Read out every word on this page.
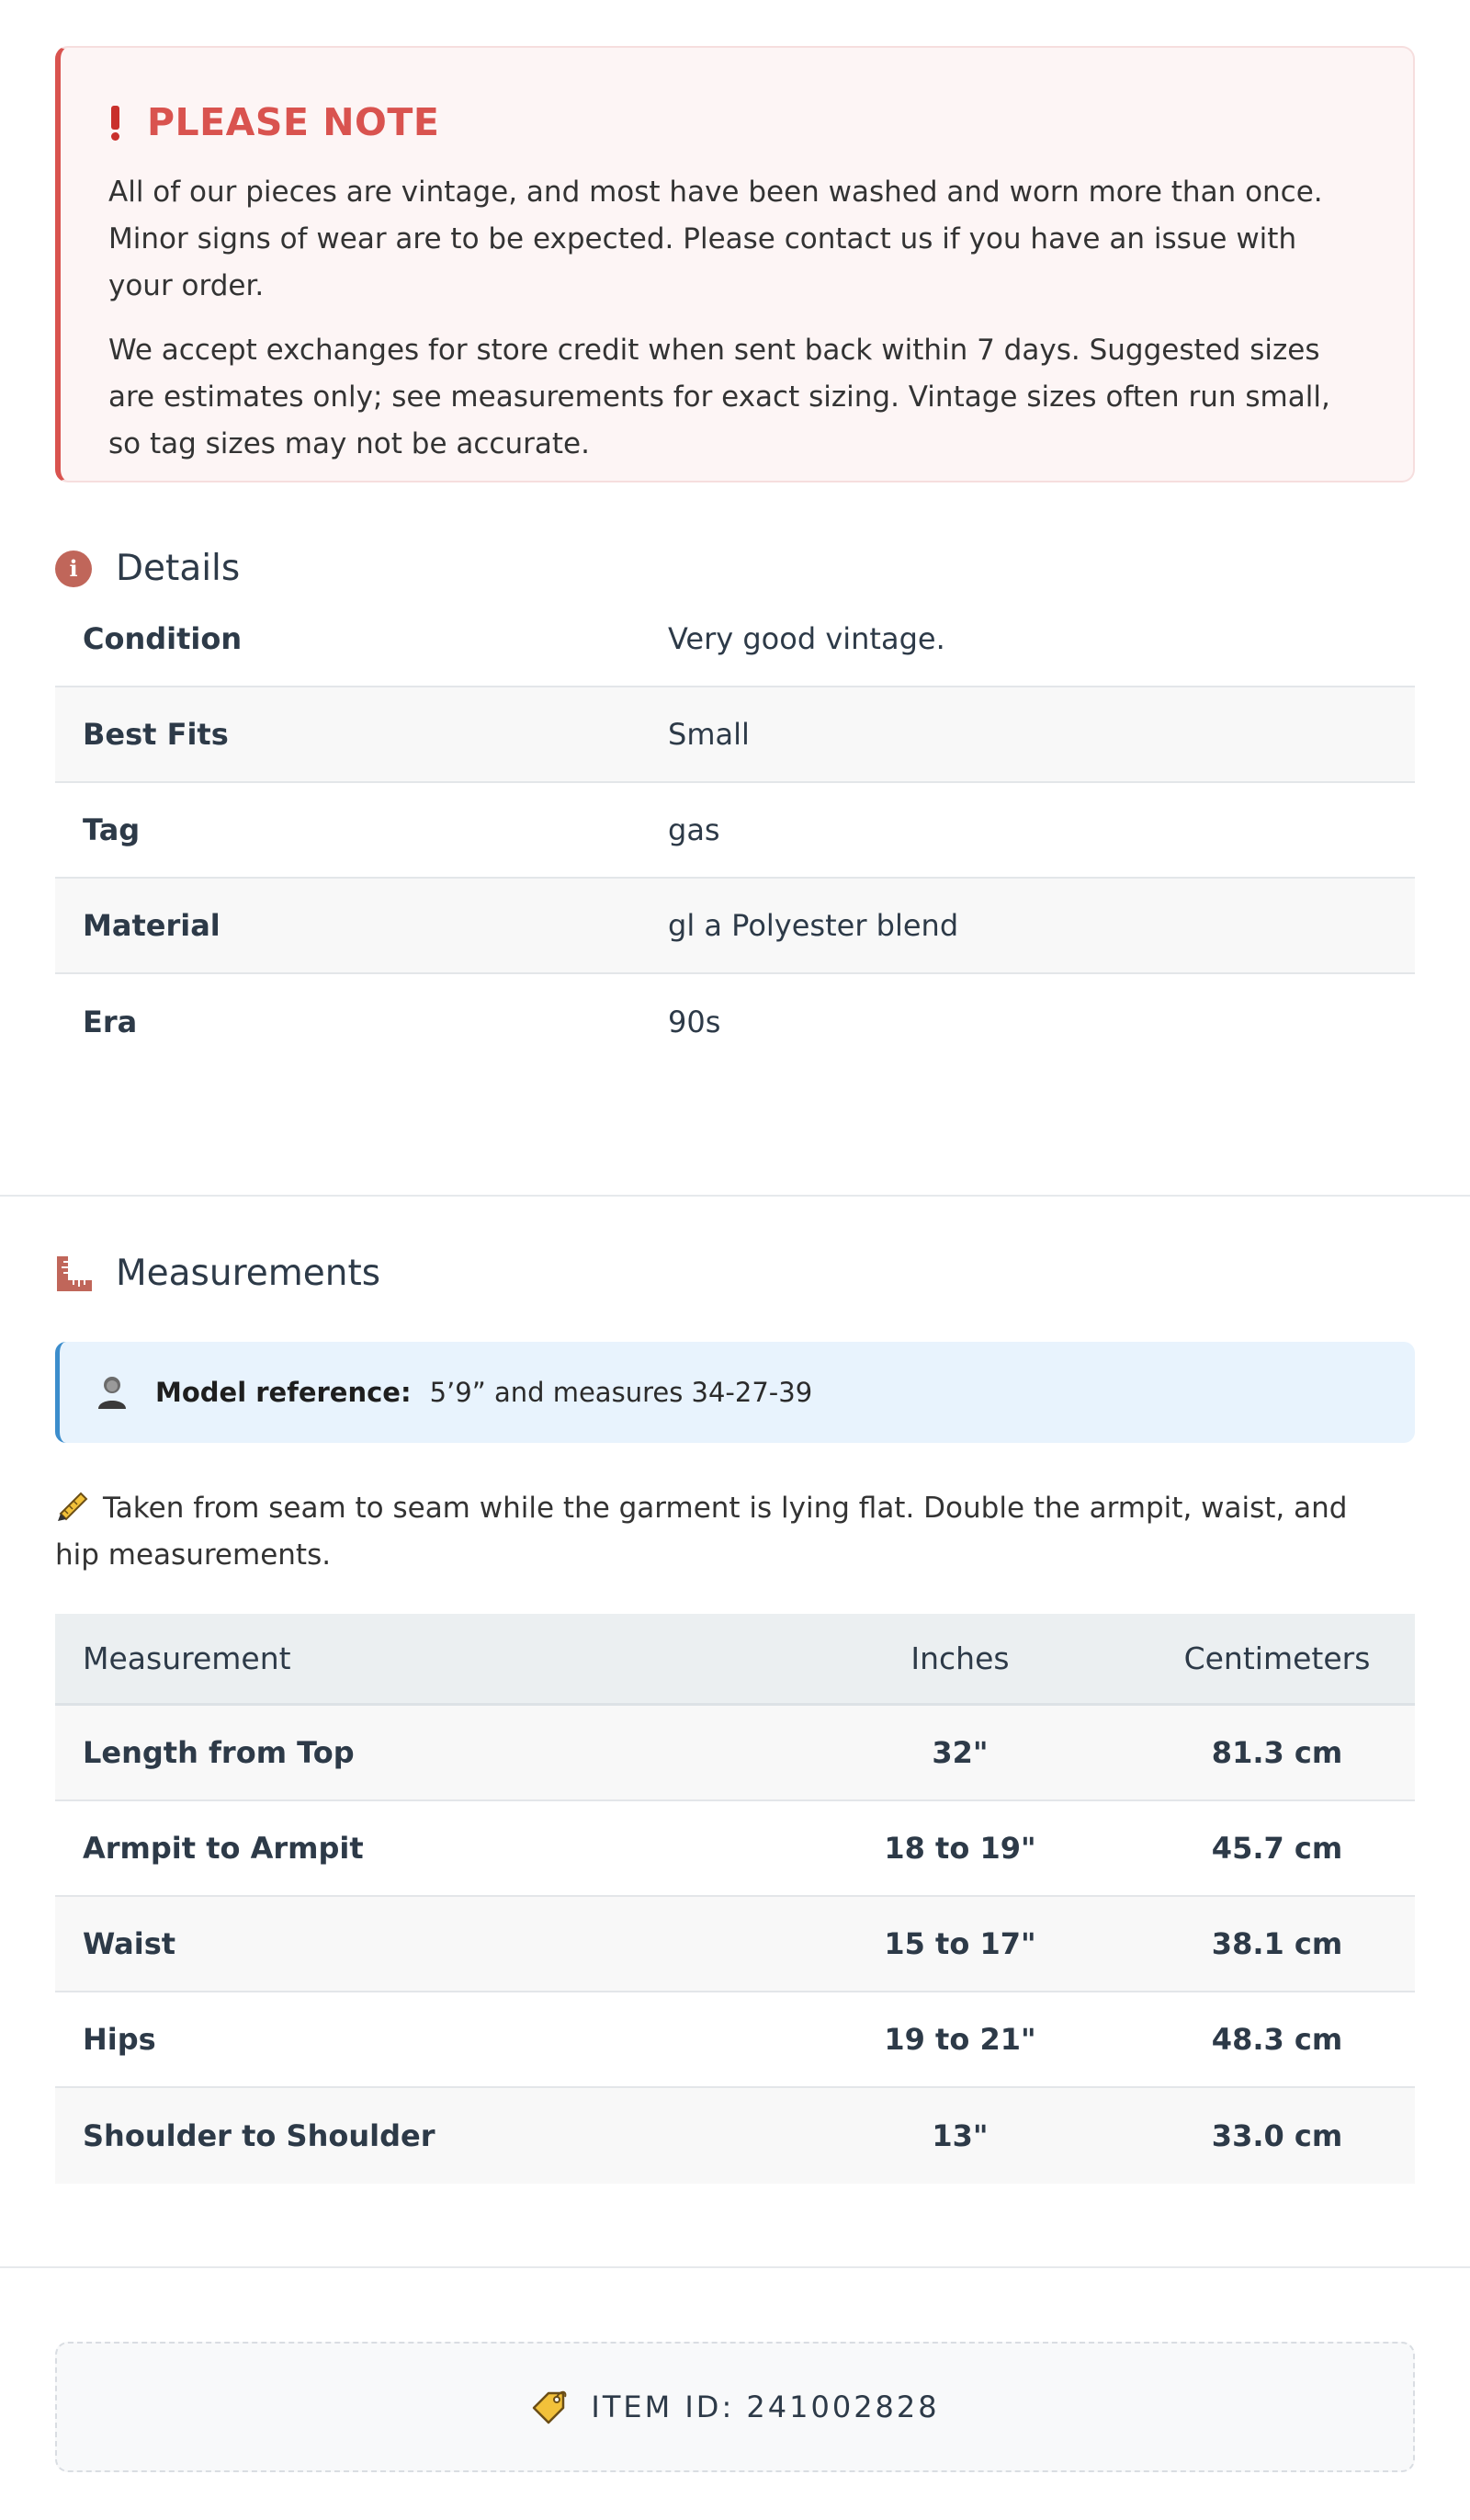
PLEASE NOTE

All of our pieces are vintage, and most have been washed and worn more than once. Minor signs of wear are to be expected. Please contact us if you have an issue with your order.

We accept exchanges for store credit when sent back within 7 days. Suggested sizes are estimates only; see measurements for exact sizing. Vintage sizes often run small, so tag sizes may not be accurate.

i	Details
Condition	Very good vintage.
Best Fits	Small
Tag	gas
Material	gl a Polyester blend
Era	90s
Measurements
Model reference: 5’9” and measures 34-27-39
Taken from seam to seam while the garment is lying flat. Double the armpit, waist, and hip measurements.
Measurement	Inches	Centimeters
Length from Top	32"	81.3 cm
Armpit to Armpit	18 to 19"	45.7 cm
Waist	15 to 17"	38.1 cm
Hips	19 to 21"	48.3 cm
Shoulder to Shoulder	13"	33.0 cm
ITEM ID: 241002828
